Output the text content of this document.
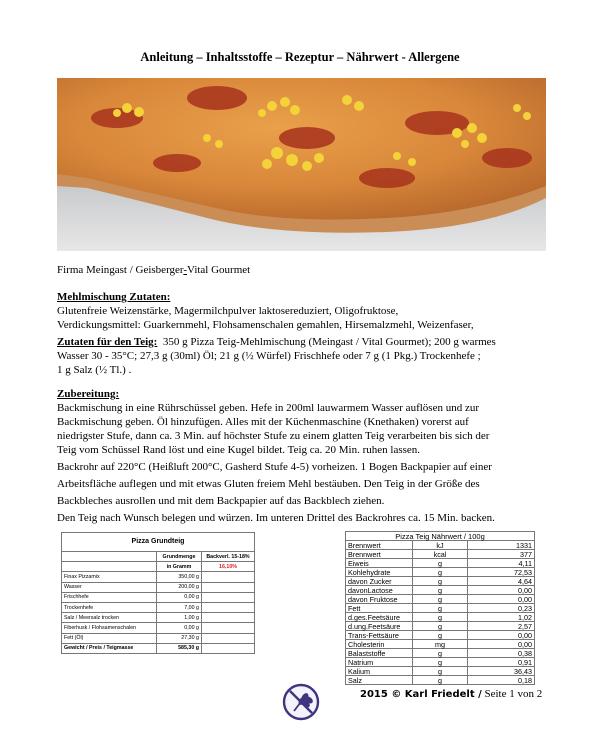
Anleitung – Inhaltsstoffe – Rezeptur – Nährwert - Allergene
Firma Meingast / Geisberger-Vital Gourmet
Mehlmischung Zutaten:
Glutenfreie Weizenstärke, Magermilchpulver laktosereduziert, Oligofruktose,
Verdickungsmittel: Guarkernmehl, Flohsamenschalen gemahlen, Hirsemalzmehl, Weizenfaser,
Zutaten für den Teig:  350 g Pizza Teig-Mehlmischung (Meingast / Vital Gourmet); 200 g warmes
Wasser 30 - 35°C; 27,3 g (30ml) Öl; 21 g (½ Würfel) Frischhefe oder 7 g (1 Pkg.) Trockenhefe ;
1 g Salz (½ Tl.) .
Zubereitung:
Backmischung in eine Rührschüssel geben. Hefe in 200ml lauwarmem Wasser auflösen und zur
Backmischung geben. Öl hinzufügen. Alles mit der Küchenmaschine (Knethaken) vorerst auf
niedrigster Stufe, dann ca. 3 Min. auf höchster Stufe zu einem glatten Teig verarbeiten bis sich der
Teig vom Schüssel Rand löst und eine Kugel bildet. Teig ca. 20 Min. ruhen lassen.
Backrohr auf 220°C (Heißluft 200°C, Gasherd Stufe 4-5) vorheizen. 1 Bogen Backpapier auf einer
Arbeitsfläche auflegen und mit etwas Gluten freiem Mehl bestäuben. Den Teig in der Größe des
Backbleches ausrollen und mit dem Backpapier auf das Backblech ziehen.
Den Teig nach Wunsch belegen und würzen. Im unteren Drittel des Backrohres ca. 15 Min. backen.
Pizza Grundteig		
	Grundmenge	Backverl. 15-18%
	in Gramm	16,10%
Finax Pizzamix	350,00 g	
Wasser	200,00 g	
Frischhefe	0,00 g	
Trockenhefe	7,00 g	
Salz / Meersalz trocken	1,00 g	
Fiberhusk / Flohsamenschalen	0,00 g	
Fett (Öl)	27,30 g	
Gewicht / Preis / Teigmasse	585,30 g	
Pizza Teig Nährwert / 100g		
Brennwert	kJ	1331
Brennwert	kcal	377
Eiweis	g	4,11
Kohlehydrate	g	72,53
davon Zucker	g	4,64
davonLactose	g	0,00
davon Fruktose	g	0,00
Fett	g	0,23
d.ges.Feetsäure	g	1,02
d.ung.Feetsäure	g	2,57
Trans-Fettsäure	g	0,00
Cholesterin	mg	0,00
Balaststoffe	g	0,38
Natrium	g	0,91
Kalium	g	36,43
Salz	g	0,18
2015 © Karl Friedelt / Seite 1 von 2
